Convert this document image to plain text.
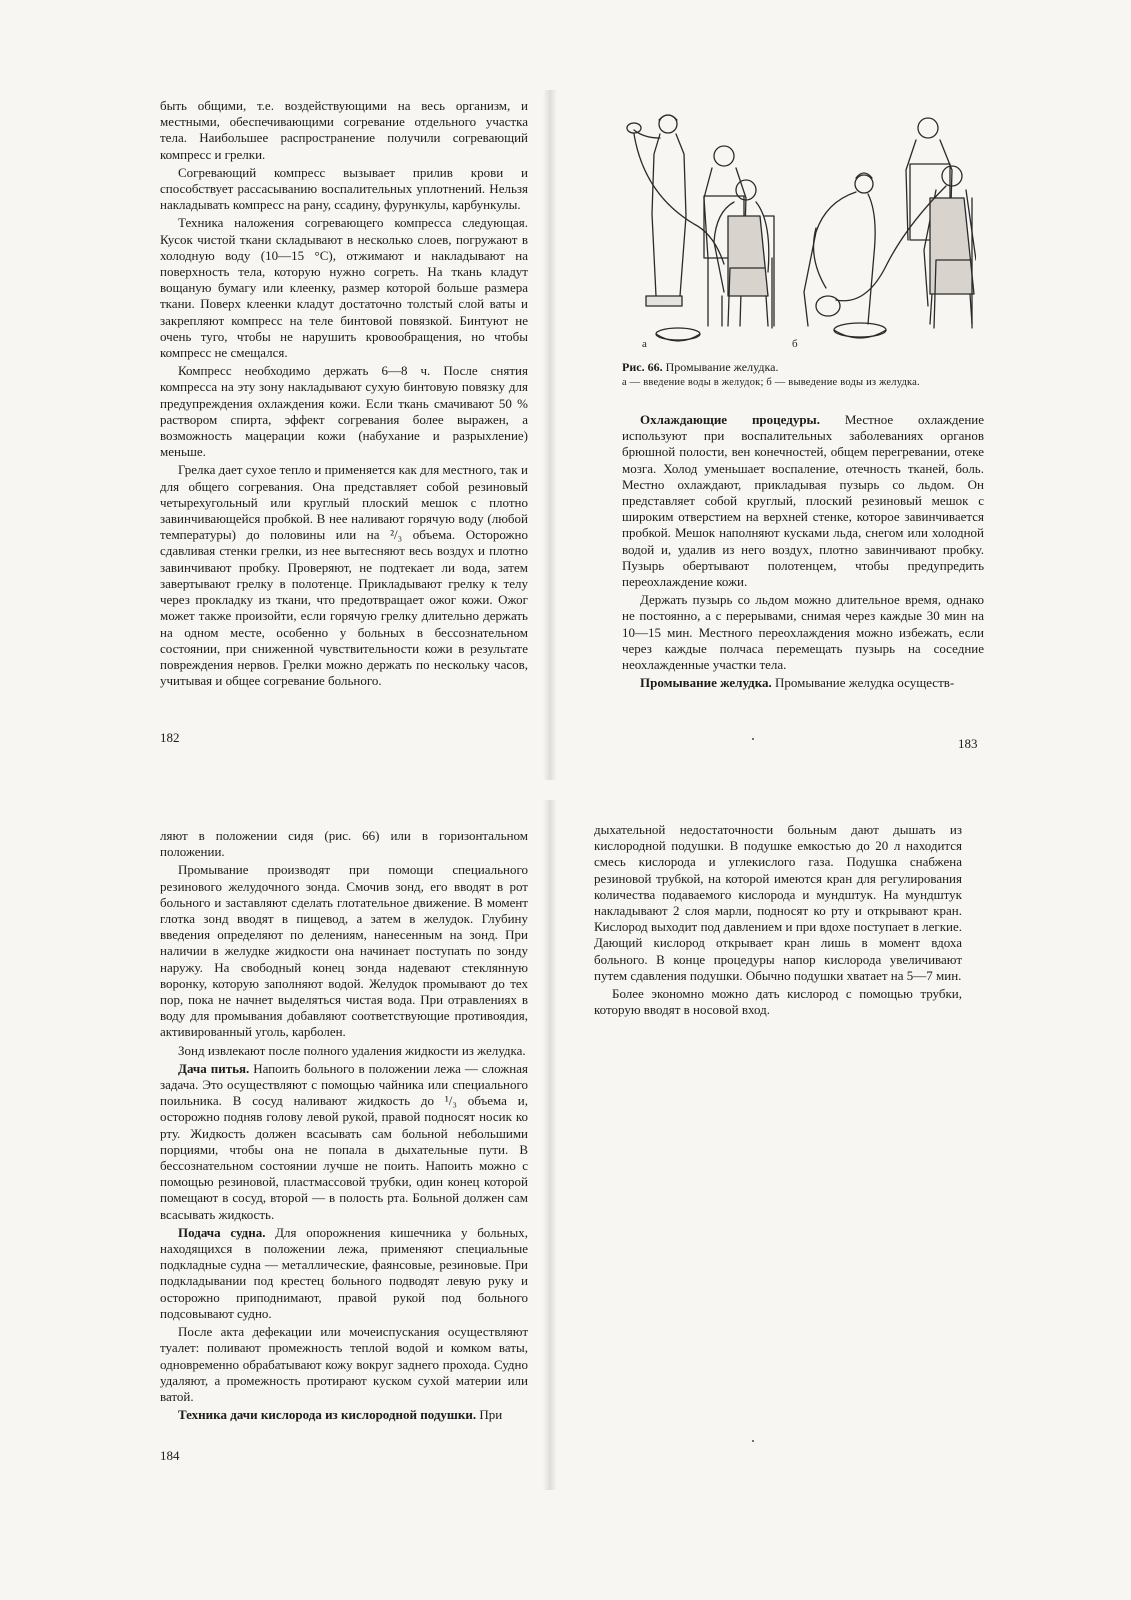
быть общими, т.е. воздействующими на весь организм, и местными, обеспечивающими согревание отдельного участка тела. Наибольшее распространение получили согревающий компресс и грелки.

Согревающий компресс вызывает прилив крови и способствует рассасыванию воспалительных уплотнений. Нельзя накладывать компресс на рану, ссадину, фурункулы, карбункулы.

Техника наложения согревающего компресса следующая. Кусок чистой ткани складывают в несколько слоев, погружают в холодную воду (10—15 °С), отжимают и накладывают на поверхность тела, которую нужно согреть. На ткань кладут вощаную бумагу или клеенку, размер которой больше размера ткани. Поверх клеенки кладут достаточно толстый слой ваты и закрепляют компресс на теле бинтовой повязкой. Бинтуют не очень туго, чтобы не нарушить кровообращения, но чтобы компресс не смещался.

Компресс необходимо держать 6—8 ч. После снятия компресса на эту зону накладывают сухую бинтовую повязку для предупреждения охлаждения кожи. Если ткань смачивают 50 % раствором спирта, эффект согревания более выражен, а возможность мацерации кожи (набухание и разрыхление) меньше.

Грелка дает сухое тепло и применяется как для местного, так и для общего согревания. Она представляет собой резиновый четырехугольный или круглый плоский мешок с плотно завинчивающейся пробкой. В нее наливают горячую воду (любой температуры) до половины или на ²/₃ объема. Осторожно сдавливая стенки грелки, из нее вытесняют весь воздух и плотно завинчивают пробку. Проверяют, не подтекает ли вода, затем завертывают грелку в полотенце. Прикладывают грелку к телу через прокладку из ткани, что предотвращает ожог кожи. Ожог может также произойти, если горячую грелку длительно держать на одном месте, особенно у больных в бессознательном состоянии, при сниженной чувствительности кожи в результате повреждения нервов. Грелки можно держать по нескольку часов, учитывая и общее согревание больного.

182
а	б
Рис. 66. Промывание желудка.
а — введение воды в желудок; б — выведение воды из желудка.

Охлаждающие процедуры. Местное охлаждение используют при воспалительных заболеваниях органов брюшной полости, вен конечностей, общем перегревании, отеке мозга. Холод уменьшает воспаление, отечность тканей, боль. Местно охлаждают, прикладывая пузырь со льдом. Он представляет собой круглый, плоский резиновый мешок с широким отверстием на верхней стенке, которое завинчивается пробкой. Мешок наполняют кусками льда, снегом или холодной водой и, удалив из него воздух, плотно завинчивают пробку. Пузырь обертывают полотенцем, чтобы предупредить переохлаждение кожи.

Держать пузырь со льдом можно длительное время, однако не постоянно, а с перерывами, снимая через каждые 30 мин на 10—15 мин. Местного переохлаждения можно избежать, если через каждые полчаса перемещать пузырь на соседние неохлажденные участки тела.

Промывание желудка. Промывание желудка осуществ-

183

ляют в положении сидя (рис. 66) или в горизонтальном положении.

Промывание производят при помощи специального резинового желудочного зонда. Смочив зонд, его вводят в рот больного и заставляют сделать глотательное движение. В момент глотка зонд вводят в пищевод, а затем в желудок. Глубину введения определяют по делениям, нанесенным на зонд. При наличии в желудке жидкости она начинает поступать по зонду наружу. На свободный конец зонда надевают стеклянную воронку, которую заполняют водой. Желудок промывают до тех пор, пока не начнет выделяться чистая вода. При отравлениях в воду для промывания добавляют соответствующие противоядия, активированный уголь, карболен.

Зонд извлекают после полного удаления жидкости из желудка.

Дача питья. Напоить больного в положении лежа — сложная задача. Это осуществляют с помощью чайника или специального поильника. В сосуд наливают жидкость до ¹/₃ объема и, осторожно подняв голову левой рукой, правой подносят носик ко рту. Жидкость должен всасывать сам больной небольшими порциями, чтобы она не попала в дыхательные пути. В бессознательном состоянии лучше не поить. Напоить можно с помощью резиновой, пластмассовой трубки, один конец которой помещают в сосуд, второй — в полость рта. Больной должен сам всасывать жидкость.

Подача судна. Для опорожнения кишечника у больных, находящихся в положении лежа, применяют специальные подкладные судна — металлические, фаянсовые, резиновые. При подкладывании под крестец больного подводят левую руку и осторожно приподнимают, правой рукой под больного подсовывают судно.

После акта дефекации или мочеиспускания осуществляют туалет: поливают промежность теплой водой и комком ваты, одновременно обрабатывают кожу вокруг заднего прохода. Судно удаляют, а промежность протирают куском сухой материи или ватой.

Техника дачи кислорода из кислородной подушки. При

184

дыхательной недостаточности больным дают дышать из кислородной подушки. В подушке емкостью до 20 л находится смесь кислорода и углекислого газа. Подушка снабжена резиновой трубкой, на которой имеются кран для регулирования количества подаваемого кислорода и мундштук. На мундштук накладывают 2 слоя марли, подносят ко рту и открывают кран. Кислород выходит под давлением и при вдохе поступает в легкие. Дающий кислород открывает кран лишь в момент вдоха больного. В конце процедуры напор кислорода увеличивают путем сдавления подушки. Обычно подушки хватает на 5—7 мин.

Более экономно можно дать кислород с помощью трубки, которую вводят в носовой вход.
